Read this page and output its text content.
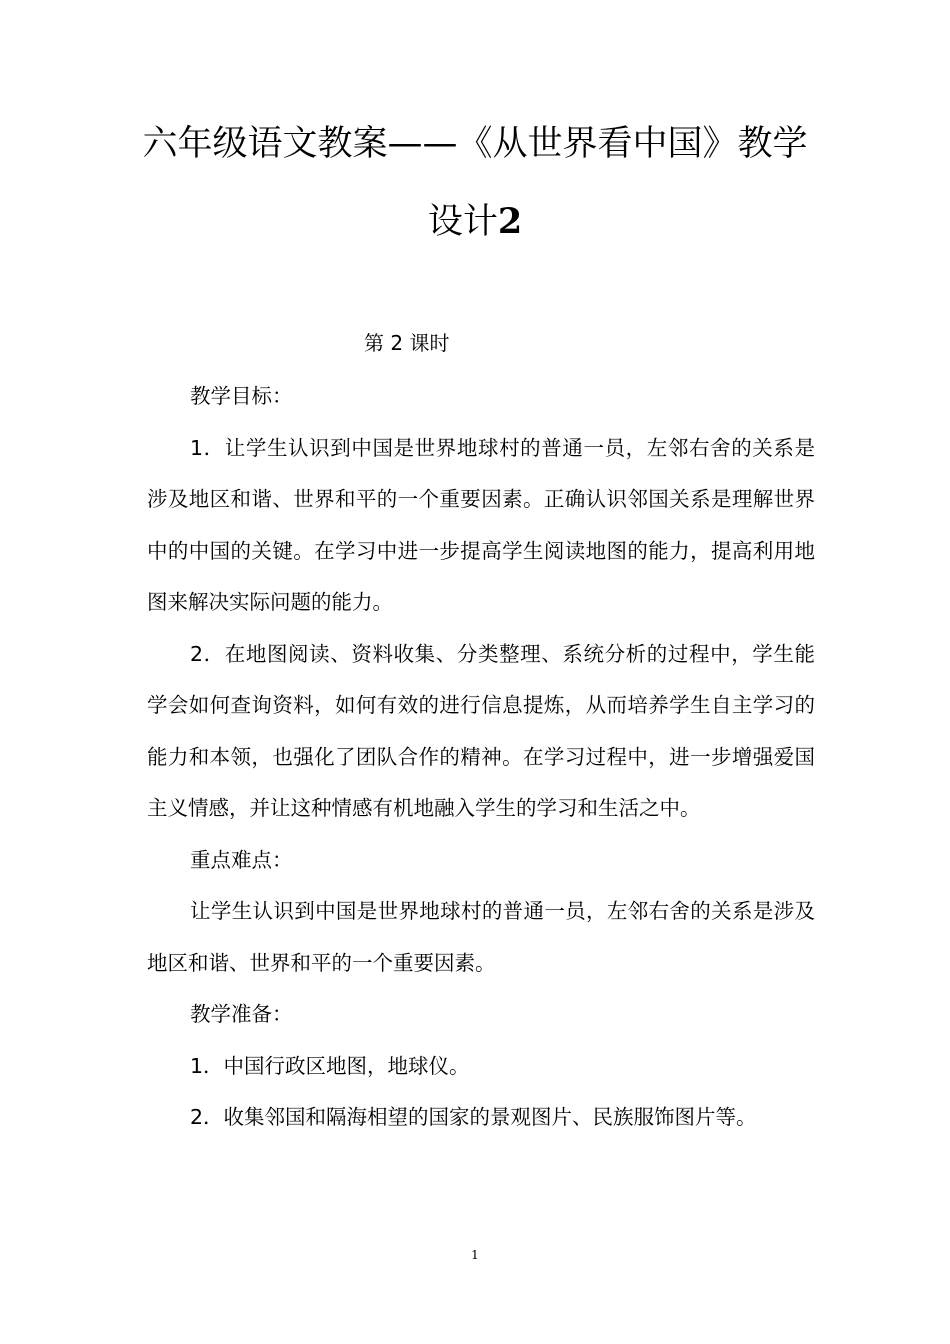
六年级语文教案——《从世界看中国》教学
设计2
第 2 课时

教学目标：

1．让学生认识到中国是世界地球村的普通一员，左邻右舍的关系是涉及地区和谐、世界和平的一个重要因素。正确认识邻国关系是理解世界中的中国的关键。在学习中进一步提高学生阅读地图的能力，提高利用地图来解决实际问题的能力。

2．在地图阅读、资料收集、分类整理、系统分析的过程中，学生能学会如何查询资料，如何有效的进行信息提炼，从而培养学生自主学习的能力和本领，也强化了团队合作的精神。在学习过程中，进一步增强爱国主义情感，并让这种情感有机地融入学生的学习和生活之中。

重点难点：

让学生认识到中国是世界地球村的普通一员，左邻右舍的关系是涉及地区和谐、世界和平的一个重要因素。

教学准备：

1．中国行政区地图，地球仪。

2．收集邻国和隔海相望的国家的景观图片、民族服饰图片等。

1
